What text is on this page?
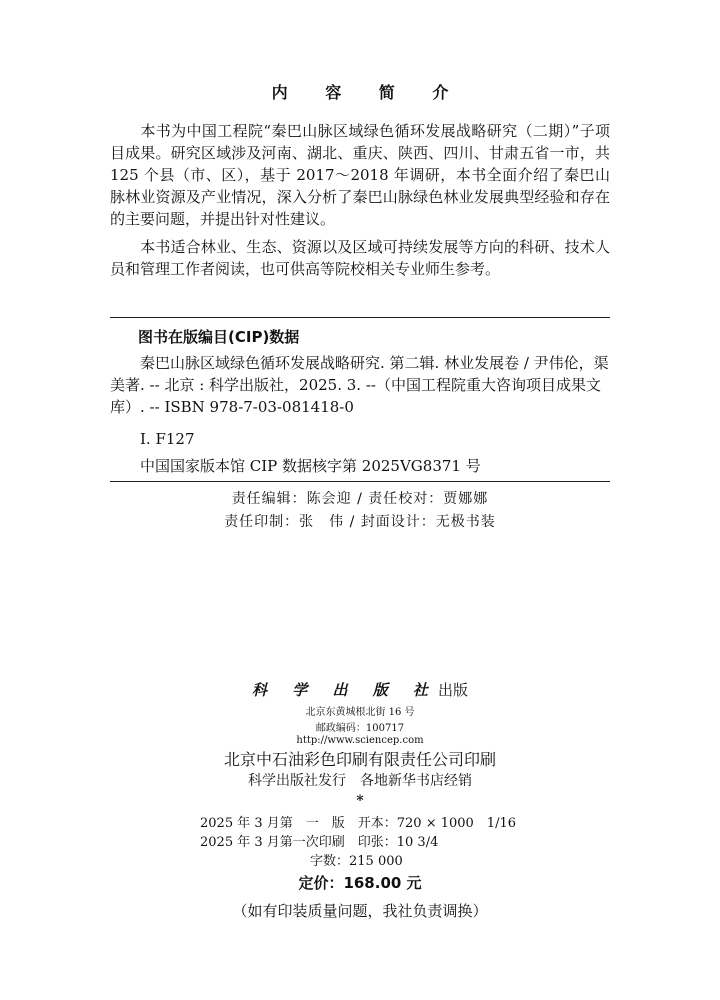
内 容 简 介
本书为中国工程院“秦巴山脉区域绿色循环发展战略研究（二期）”子项目成果。研究区域涉及河南、湖北、重庆、陕西、四川、甘肃五省一市，共 125 个县（市、区），基于 2017～2018 年调研，本书全面介绍了秦巴山脉林业资源及产业情况，深入分析了秦巴山脉绿色林业发展典型经验和存在的主要问题，并提出针对性建议。
本书适合林业、生态、资源以及区域可持续发展等方向的科研、技术人员和管理工作者阅读，也可供高等院校相关专业师生参考。
图书在版编目(CIP)数据
秦巴山脉区域绿色循环发展战略研究. 第二辑. 林业发展卷 / 尹伟伦，渠美著. -- 北京 : 科学出版社，2025. 3. --（中国工程院重大咨询项目成果文库）. -- ISBN 978-7-03-081418-0
Ⅰ. F127
中国国家版本馆 CIP 数据核字第 2025VG8371 号
责任编辑：陈会迎 / 责任校对：贾娜娜
责任印制：张　伟 / 封面设计：无极书装
科 学 出 版 社出版
北京东黄城根北街 16 号
邮政编码：100717
http://www.sciencep.com
北京中石油彩色印刷有限责任公司印刷
科学出版社发行　各地新华书店经销
*
2025 年 3 月第　一　版　开本：720 × 1000　1/16
2025 年 3 月第一次印刷　印张：10 3/4
字数：215 000
定价：168.00 元
（如有印装质量问题，我社负责调换）
